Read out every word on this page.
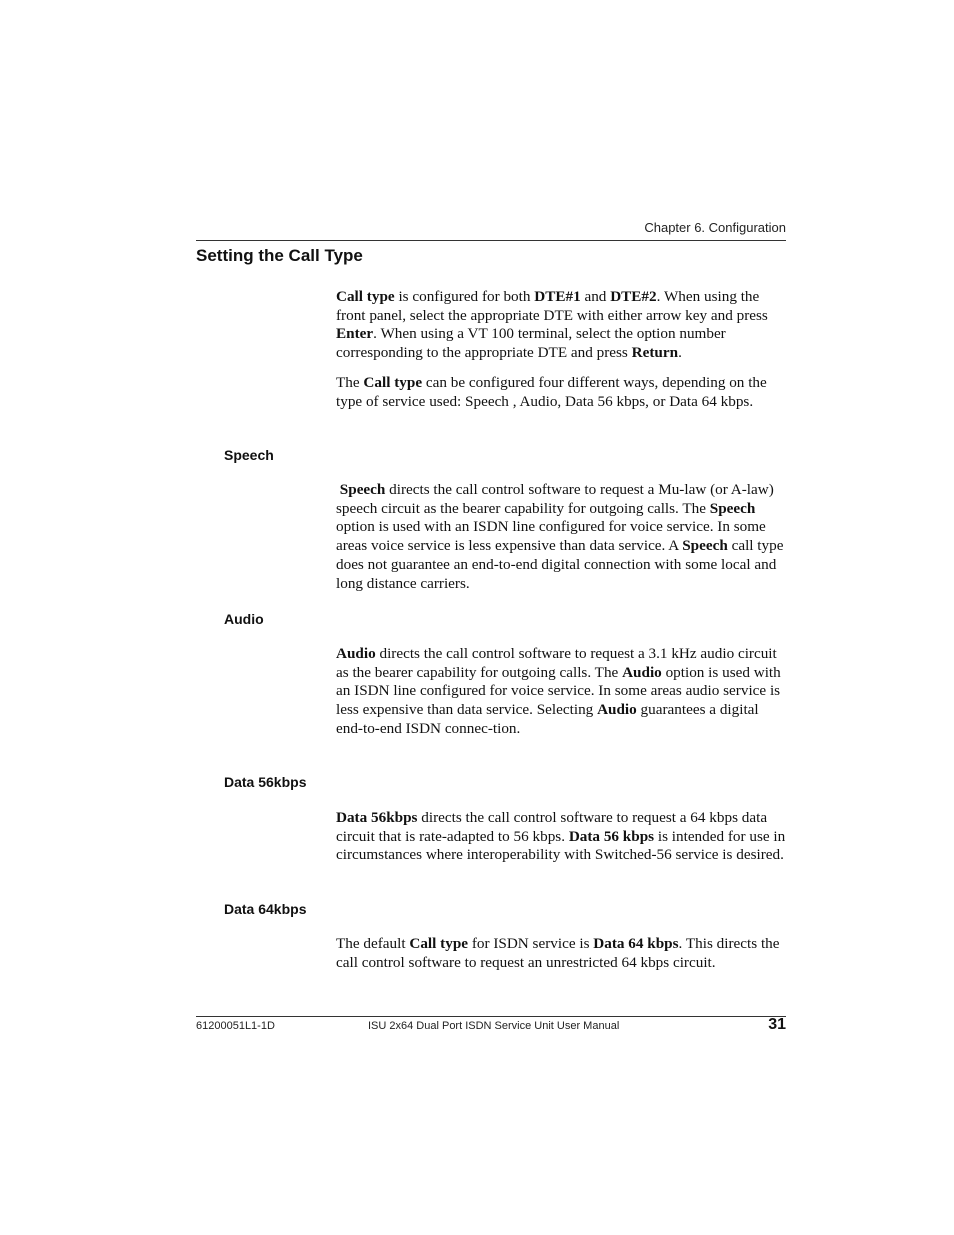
Chapter 6. Configuration
Setting the Call Type

Call type is configured for both DTE#1 and DTE#2. When using the front panel, select the appropriate DTE with either arrow key and press Enter. When using a VT 100 terminal, select the option number corresponding to the appropriate DTE and press Return.

The Call type can be configured four different ways, depending on the type of service used: Speech , Audio, Data 56 kbps, or Data 64 kbps.

Speech

Speech directs the call control software to request a Mu-law (or A-law) speech circuit as the bearer capability for outgoing calls. The Speech option is used with an ISDN line configured for voice service. In some areas voice service is less expensive than data service. A Speech call type does not guarantee an end-to-end digital connection with some local and long distance carriers.

Audio

Audio directs the call control software to request a 3.1 kHz audio circuit as the bearer capability for outgoing calls. The Audio option is used with an ISDN line configured for voice service. In some areas audio service is less expensive than data service. Selecting Audio guarantees a digital end-to-end ISDN connec-tion.

Data 56kbps

Data 56kbps directs the call control software to request a 64 kbps data circuit that is rate-adapted to 56 kbps. Data 56 kbps is intended for use in circumstances where interoperability with Switched-56 service is desired.

Data 64kbps

The default Call type for ISDN service is Data 64 kbps. This directs the call control software to request an unrestricted 64 kbps circuit.

61200051L1-1D	ISU 2x64 Dual Port ISDN Service Unit User Manual	31
